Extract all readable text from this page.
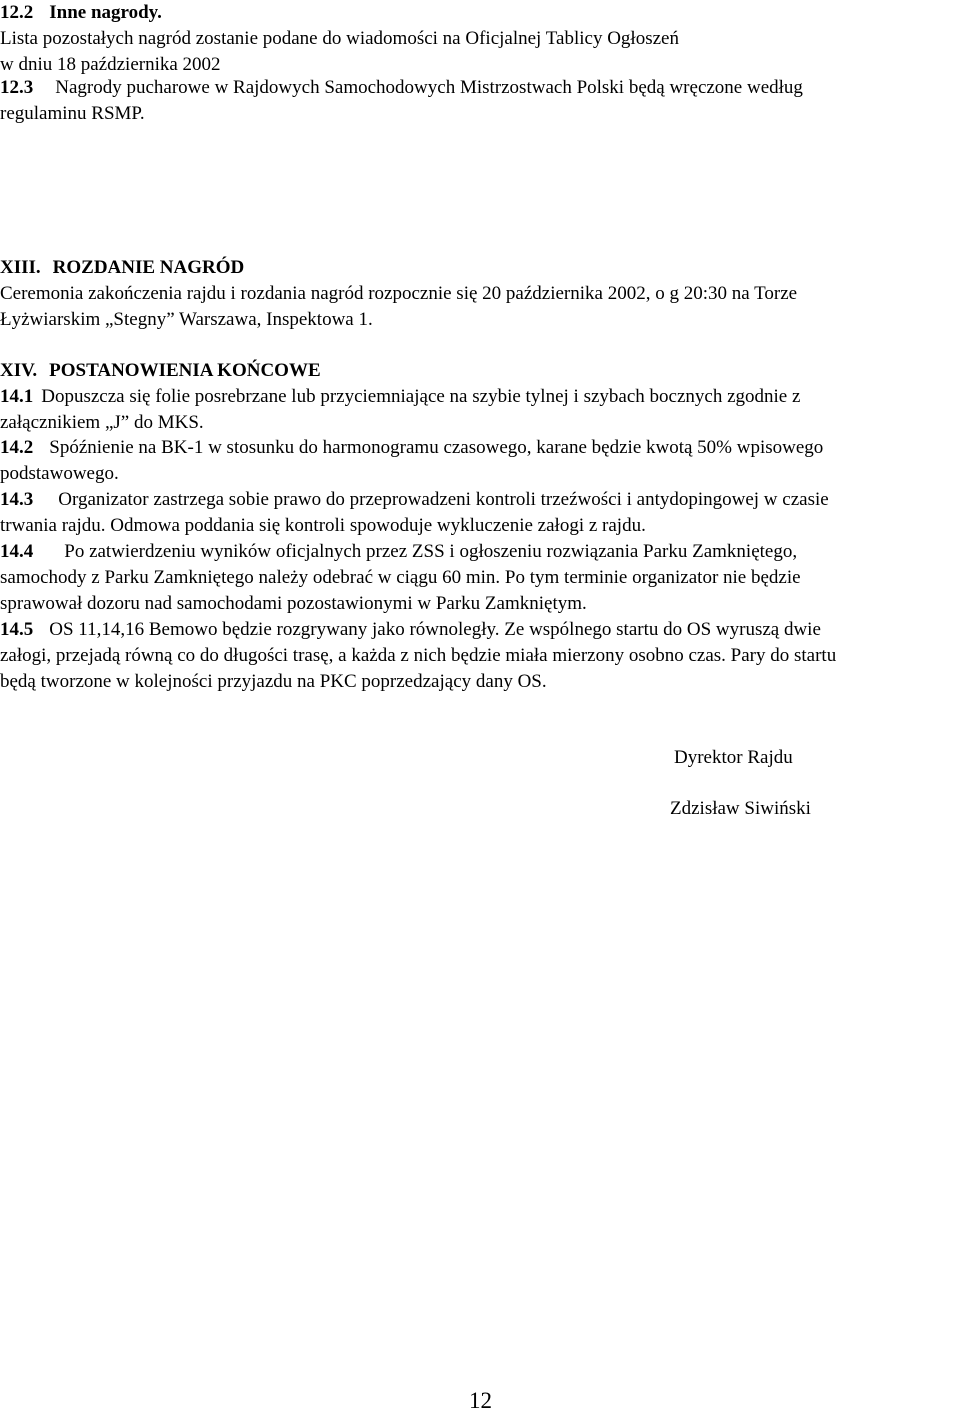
12.2 Inne nagrody.
Lista pozostałych nagród zostanie podane do wiadomości na Oficjalnej Tablicy Ogłoszeń
w dniu 18 października 2002
12.3 Nagrody pucharowe w Rajdowych Samochodowych Mistrzostwach Polski będą wręczone według
regulaminu RSMP.
XIII. ROZDANIE NAGRÓD
Ceremonia zakończenia rajdu i rozdania nagród rozpocznie się 20 października 2002, o g 20:30 na Torze
Łyżwiarskim „Stegny” Warszawa, Inspektowa 1.
XIV. POSTANOWIENIA KOŃCOWE
14.1 Dopuszcza się folie posrebrzane lub przyciemniające na szybie tylnej i szybach bocznych zgodnie z
załącznikiem „J” do MKS.
14.2 Spóźnienie na BK-1 w stosunku do harmonogramu czasowego, karane będzie kwotą 50% wpisowego
podstawowego.
14.3 Organizator zastrzega sobie prawo do przeprowadzeni kontroli trzeźwości i antydopingowej w czasie
trwania rajdu. Odmowa poddania się kontroli spowoduje wykluczenie załogi z rajdu.
14.4 Po zatwierdzeniu wyników oficjalnych przez ZSS i ogłoszeniu rozwiązania Parku Zamkniętego,
samochody z Parku Zamkniętego należy odebrać w ciągu 60 min. Po tym terminie organizator nie będzie
sprawował dozoru nad samochodami pozostawionymi w Parku Zamkniętym.
14.5 OS 11,14,16 Bemowo będzie rozgrywany jako równoległy. Ze wspólnego startu do OS wyruszą dwie
załogi, przejadą równą co do długości trasę, a każda z nich będzie miała mierzony osobno czas. Pary do startu
będą tworzone w kolejności przyjazdu na PKC poprzedzający dany OS.
Dyrektor Rajdu
Zdzisław Siwiński
12
